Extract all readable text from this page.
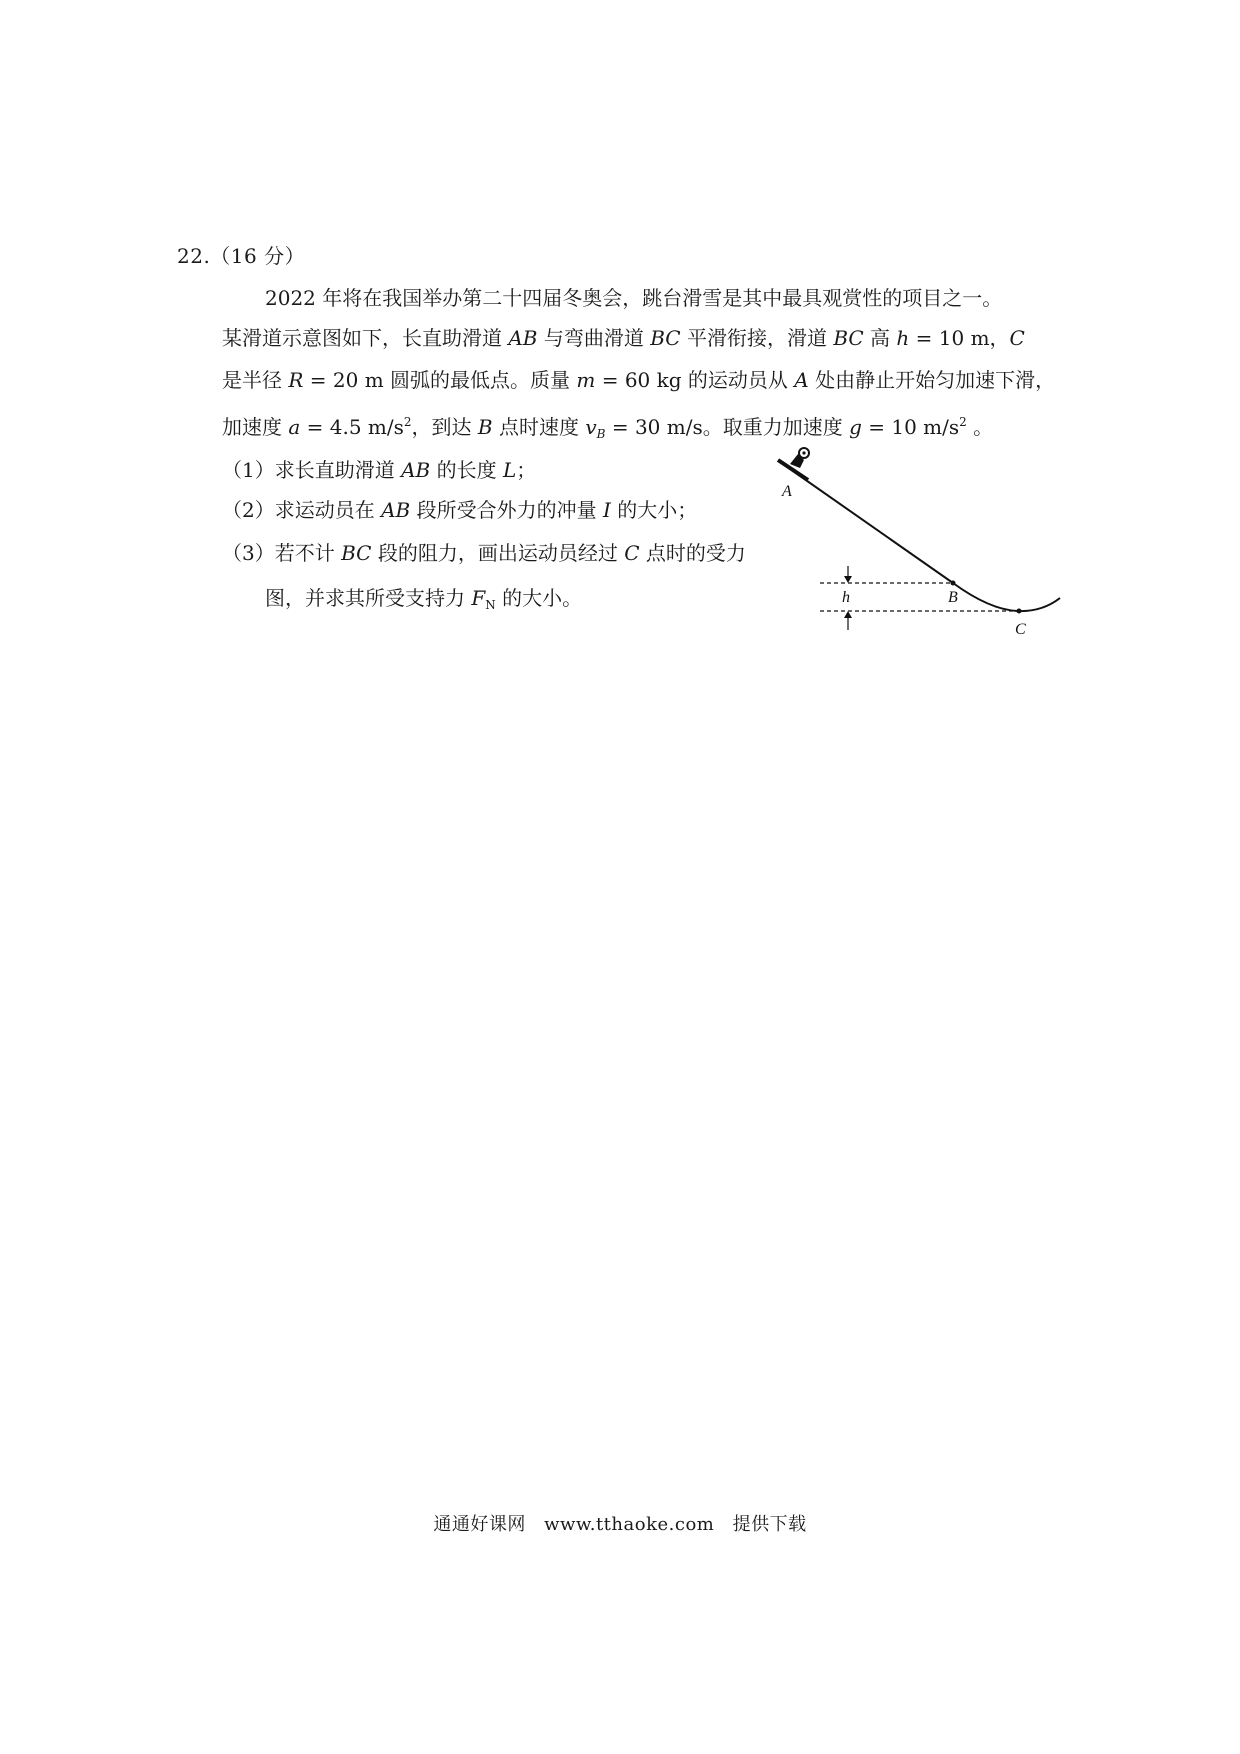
22.（16 分）
2022 年将在我国举办第二十四届冬奥会，跳台滑雪是其中最具观赏性的项目之一。
某滑道示意图如下，长直助滑道 AB 与弯曲滑道 BC 平滑衔接，滑道 BC 高 h = 10 m，C
是半径 R = 20 m 圆弧的最低点。质量 m = 60 kg 的运动员从 A 处由静止开始匀加速下滑，
加速度 a = 4.5 $m/s^2$，到达 B 点时速度 $v_B = 30$ m/s。取重力加速度 g = 10 $m/s^2$ 。
（1）求长直助滑道 AB 的长度 L；
（2）求运动员在 AB 段所受合外力的冲量 I 的大小；
（3）若不计 BC 段的阻力，画出运动员经过 C 点时的受力
图，并求其所受支持力 $F_N$ 的大小。
A
B
C
h
通通好课网 www.tthaoke.com 提供下载
